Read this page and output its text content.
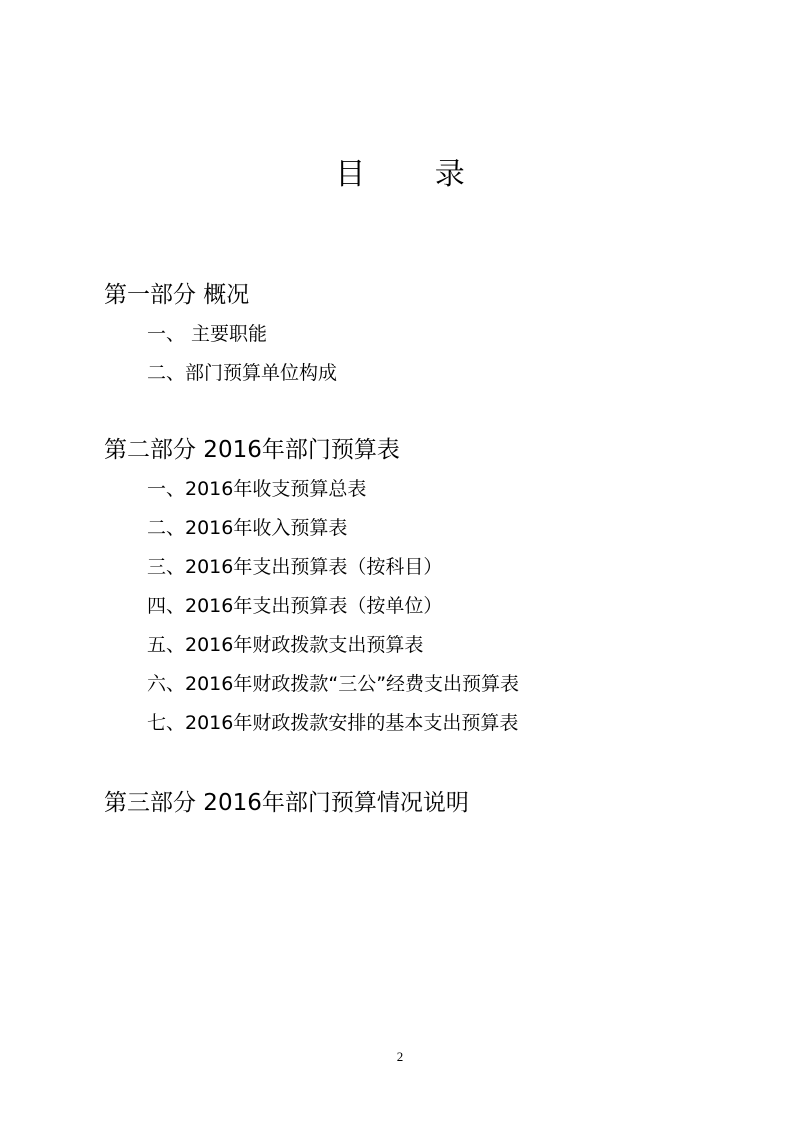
目 录
第一部分 概况
一、 主要职能
二、部门预算单位构成
第二部分 2016年部门预算表
一、2016年收支预算总表
二、2016年收入预算表
三、2016年支出预算表（按科目）
四、2016年支出预算表（按单位）
五、2016年财政拨款支出预算表
六、2016年财政拨款“三公”经费支出预算表
七、2016年财政拨款安排的基本支出预算表
第三部分 2016年部门预算情况说明
2
